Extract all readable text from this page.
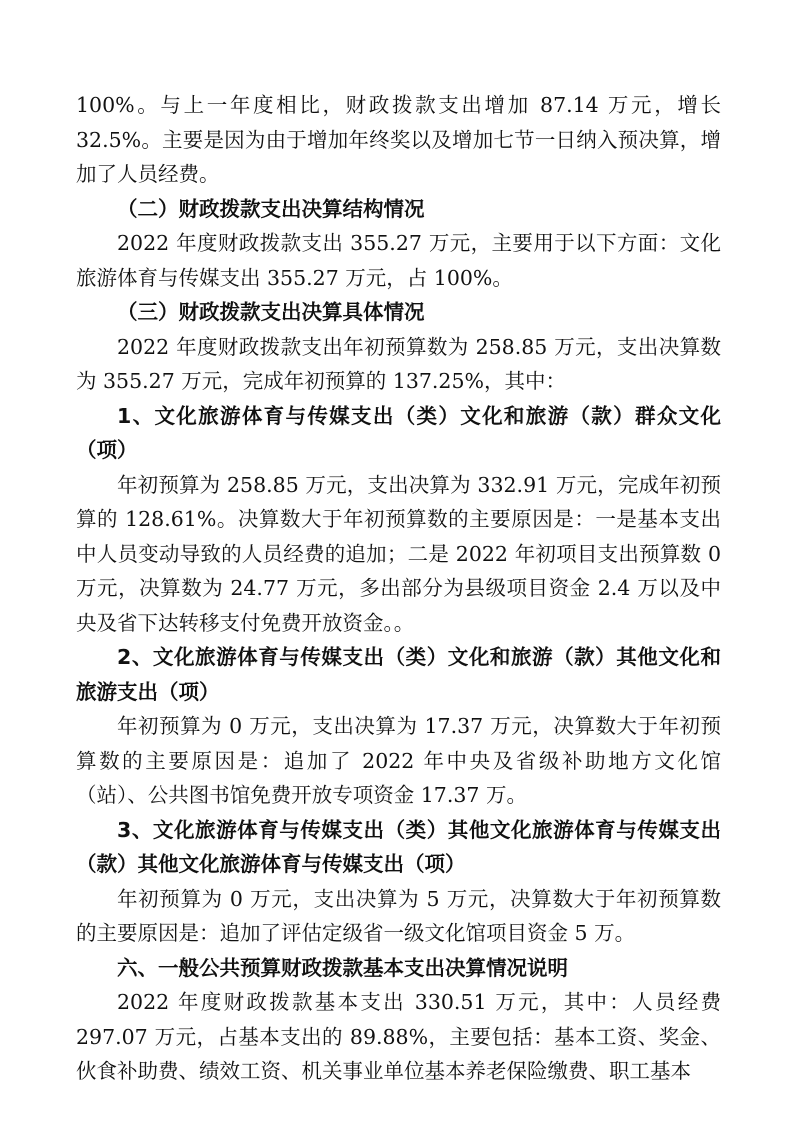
100%。与上一年度相比，财政拨款支出增加 87.14 万元，增长 32.5%。主要是因为由于增加年终奖以及增加七节一日纳入预决算，增加了人员经费。

（二）财政拨款支出决算结构情况

2022 年度财政拨款支出 355.27 万元，主要用于以下方面：文化旅游体育与传媒支出 355.27 万元，占 100%。

（三）财政拨款支出决算具体情况

2022 年度财政拨款支出年初预算数为 258.85 万元，支出决算数为 355.27 万元，完成年初预算的 137.25%，其中：

1、文化旅游体育与传媒支出（类）文化和旅游（款）群众文化（项）

年初预算为 258.85 万元，支出决算为 332.91 万元，完成年初预算的 128.61%。决算数大于年初预算数的主要原因是：一是基本支出中人员变动导致的人员经费的追加；二是 2022 年初项目支出预算数 0 万元，决算数为 24.77 万元，多出部分为县级项目资金 2.4 万以及中央及省下达转移支付免费开放资金。。

2、文化旅游体育与传媒支出（类）文化和旅游（款）其他文化和旅游支出（项）

年初预算为 0 万元，支出决算为 17.37 万元，决算数大于年初预算数的主要原因是：追加了 2022 年中央及省级补助地方文化馆（站）、公共图书馆免费开放专项资金 17.37 万。

3、文化旅游体育与传媒支出（类）其他文化旅游体育与传媒支出（款）其他文化旅游体育与传媒支出（项）

年初预算为 0 万元，支出决算为 5 万元，决算数大于年初预算数的主要原因是：追加了评估定级省一级文化馆项目资金 5 万。

六、一般公共预算财政拨款基本支出决算情况说明

2022 年度财政拨款基本支出 330.51 万元，其中：人员经费 297.07 万元，占基本支出的 89.88%，主要包括：基本工资、奖金、伙食补助费、绩效工资、机关事业单位基本养老保险缴费、职工基本
